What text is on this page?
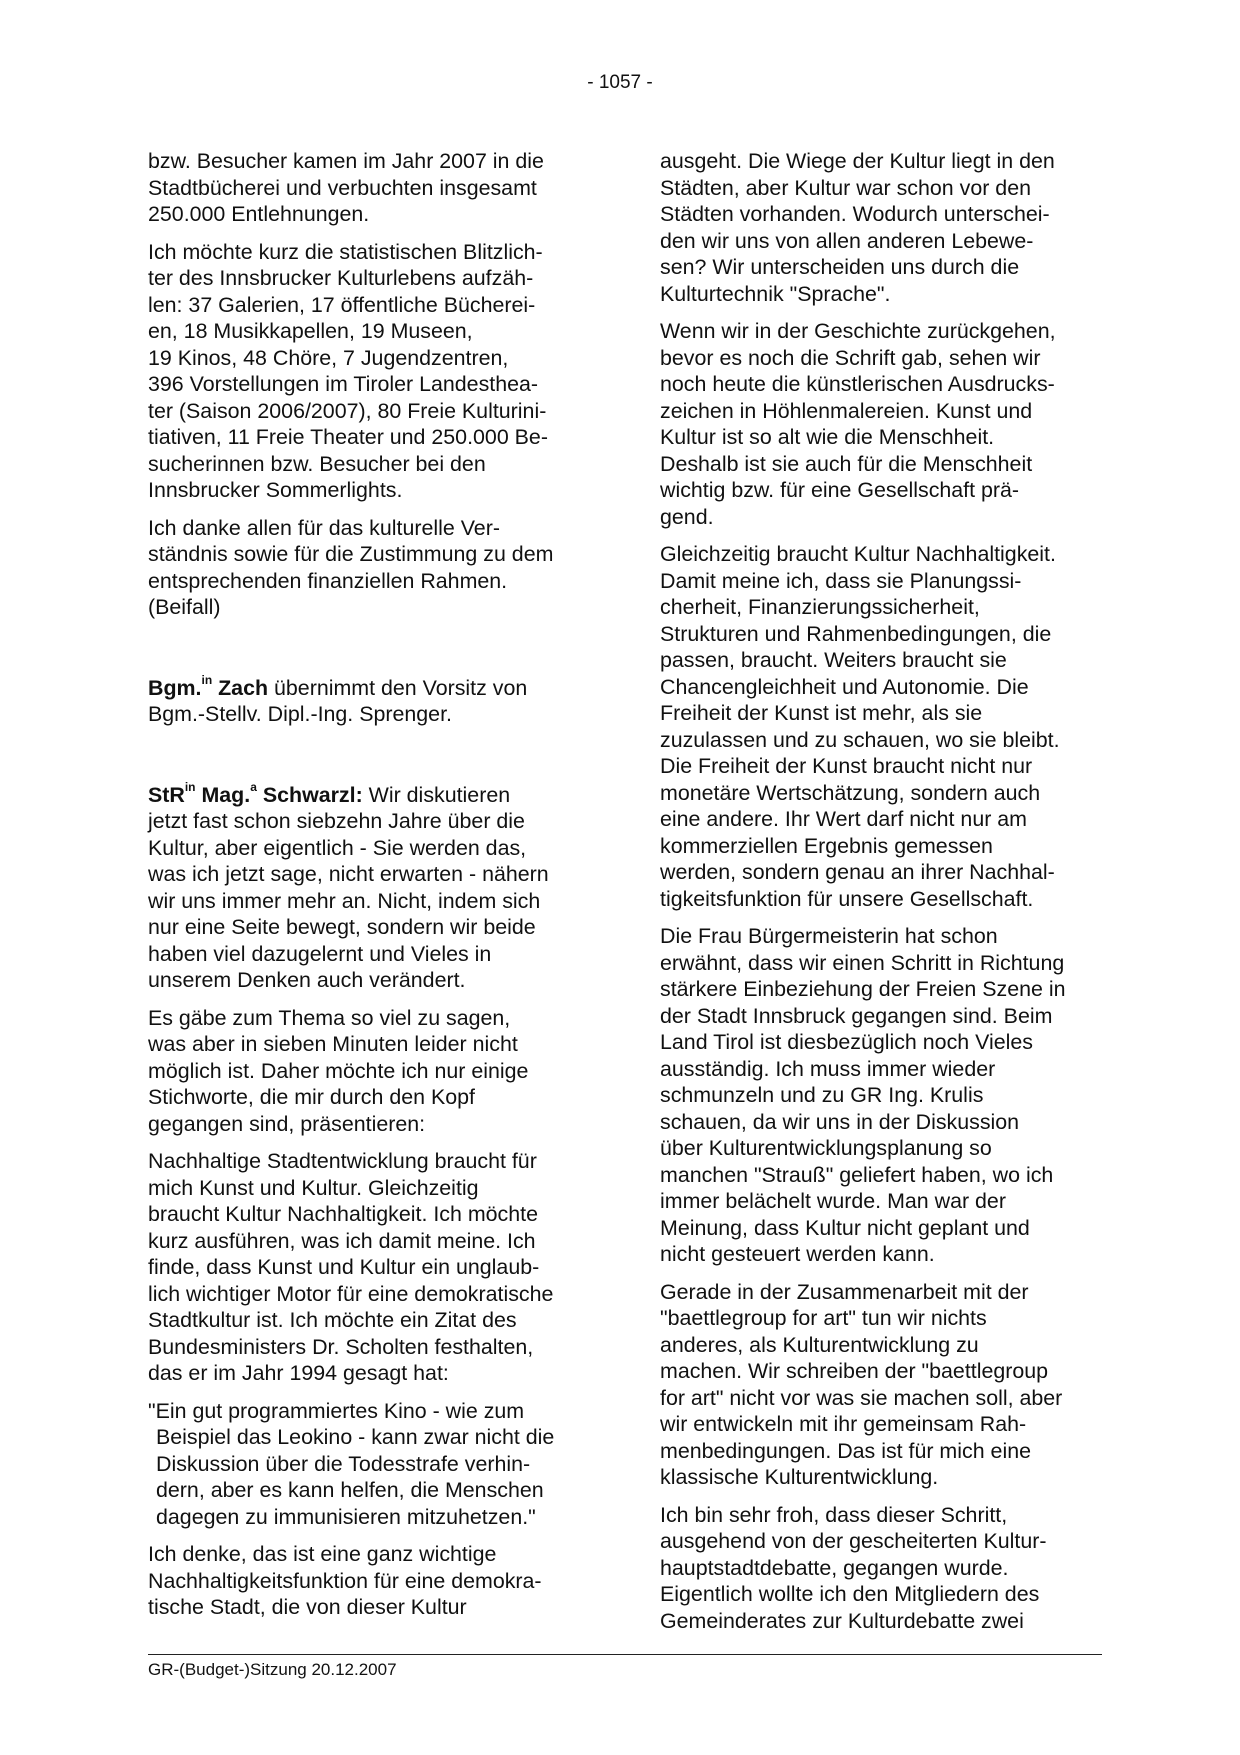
- 1057 -

bzw. Besucher kamen im Jahr 2007 in die
Stadtbücherei und verbuchten insgesamt
250.000 Entlehnungen.

Ich möchte kurz die statistischen Blitzlich-
ter des Innsbrucker Kulturlebens aufzäh-
len: 37 Galerien, 17 öffentliche Bücherei-
en, 18 Musikkapellen, 19 Museen,
19 Kinos, 48 Chöre, 7 Jugendzentren,
396 Vorstellungen im Tiroler Landesthea-
ter (Saison 2006/2007), 80 Freie Kulturini-
tiativen, 11 Freie Theater und 250.000 Be-
sucherinnen bzw. Besucher bei den
Innsbrucker Sommerlights.

Ich danke allen für das kulturelle Ver-
ständnis sowie für die Zustimmung zu dem
entsprechenden finanziellen Rahmen.
(Beifall)

Bgm.$^{in}$ Zach übernimmt den Vorsitz von
Bgm.-Stellv. Dipl.-Ing. Sprenger.

StR$^{in}$ Mag.$^a$ Schwarzl: Wir diskutieren
jetzt fast schon siebzehn Jahre über die
Kultur, aber eigentlich - Sie werden das,
was ich jetzt sage, nicht erwarten - nähern
wir uns immer mehr an. Nicht, indem sich
nur eine Seite bewegt, sondern wir beide
haben viel dazugelernt und Vieles in
unserem Denken auch verändert.

Es gäbe zum Thema so viel zu sagen,
was aber in sieben Minuten leider nicht
möglich ist. Daher möchte ich nur einige
Stichworte, die mir durch den Kopf
gegangen sind, präsentieren:

Nachhaltige Stadtentwicklung braucht für
mich Kunst und Kultur. Gleichzeitig
braucht Kultur Nachhaltigkeit. Ich möchte
kurz ausführen, was ich damit meine. Ich
finde, dass Kunst und Kultur ein unglaub-
lich wichtiger Motor für eine demokratische
Stadtkultur ist. Ich möchte ein Zitat des
Bundesministers Dr. Scholten festhalten,
das er im Jahr 1994 gesagt hat:

"Ein gut programmiertes Kino - wie zum
Beispiel das Leokino - kann zwar nicht die
Diskussion über die Todesstrafe verhin-
dern, aber es kann helfen, die Menschen
dagegen zu immunisieren mitzuhetzen."

Ich denke, das ist eine ganz wichtige
Nachhaltigkeitsfunktion für eine demokra-
tische Stadt, die von dieser Kultur

ausgeht. Die Wiege der Kultur liegt in den
Städten, aber Kultur war schon vor den
Städten vorhanden. Wodurch unterschei-
den wir uns von allen anderen Lebewe-
sen? Wir unterscheiden uns durch die
Kulturtechnik "Sprache".

Wenn wir in der Geschichte zurückgehen,
bevor es noch die Schrift gab, sehen wir
noch heute die künstlerischen Ausdrucks-
zeichen in Höhlenmalereien. Kunst und
Kultur ist so alt wie die Menschheit.
Deshalb ist sie auch für die Menschheit
wichtig bzw. für eine Gesellschaft prä-
gend.

Gleichzeitig braucht Kultur Nachhaltigkeit.
Damit meine ich, dass sie Planungssi-
cherheit, Finanzierungssicherheit,
Strukturen und Rahmenbedingungen, die
passen, braucht. Weiters braucht sie
Chancengleichheit und Autonomie. Die
Freiheit der Kunst ist mehr, als sie
zuzulassen und zu schauen, wo sie bleibt.
Die Freiheit der Kunst braucht nicht nur
monetäre Wertschätzung, sondern auch
eine andere. Ihr Wert darf nicht nur am
kommerziellen Ergebnis gemessen
werden, sondern genau an ihrer Nachhal-
tigkeitsfunktion für unsere Gesellschaft.

Die Frau Bürgermeisterin hat schon
erwähnt, dass wir einen Schritt in Richtung
stärkere Einbeziehung der Freien Szene in
der Stadt Innsbruck gegangen sind. Beim
Land Tirol ist diesbezüglich noch Vieles
ausständig. Ich muss immer wieder
schmunzeln und zu GR Ing. Krulis
schauen, da wir uns in der Diskussion
über Kulturentwicklungsplanung so
manchen "Strauß" geliefert haben, wo ich
immer belächelt wurde. Man war der
Meinung, dass Kultur nicht geplant und
nicht gesteuert werden kann.

Gerade in der Zusammenarbeit mit der
"baettlegroup for art" tun wir nichts
anderes, als Kulturentwicklung zu
machen. Wir schreiben der "baettlegroup
for art" nicht vor was sie machen soll, aber
wir entwickeln mit ihr gemeinsam Rah-
menbedingungen. Das ist für mich eine
klassische Kulturentwicklung.

Ich bin sehr froh, dass dieser Schritt,
ausgehend von der gescheiterten Kultur-
hauptstadtdebatte, gegangen wurde.
Eigentlich wollte ich den Mitgliedern des
Gemeinderates zur Kulturdebatte zwei

GR-(Budget-)Sitzung 20.12.2007
